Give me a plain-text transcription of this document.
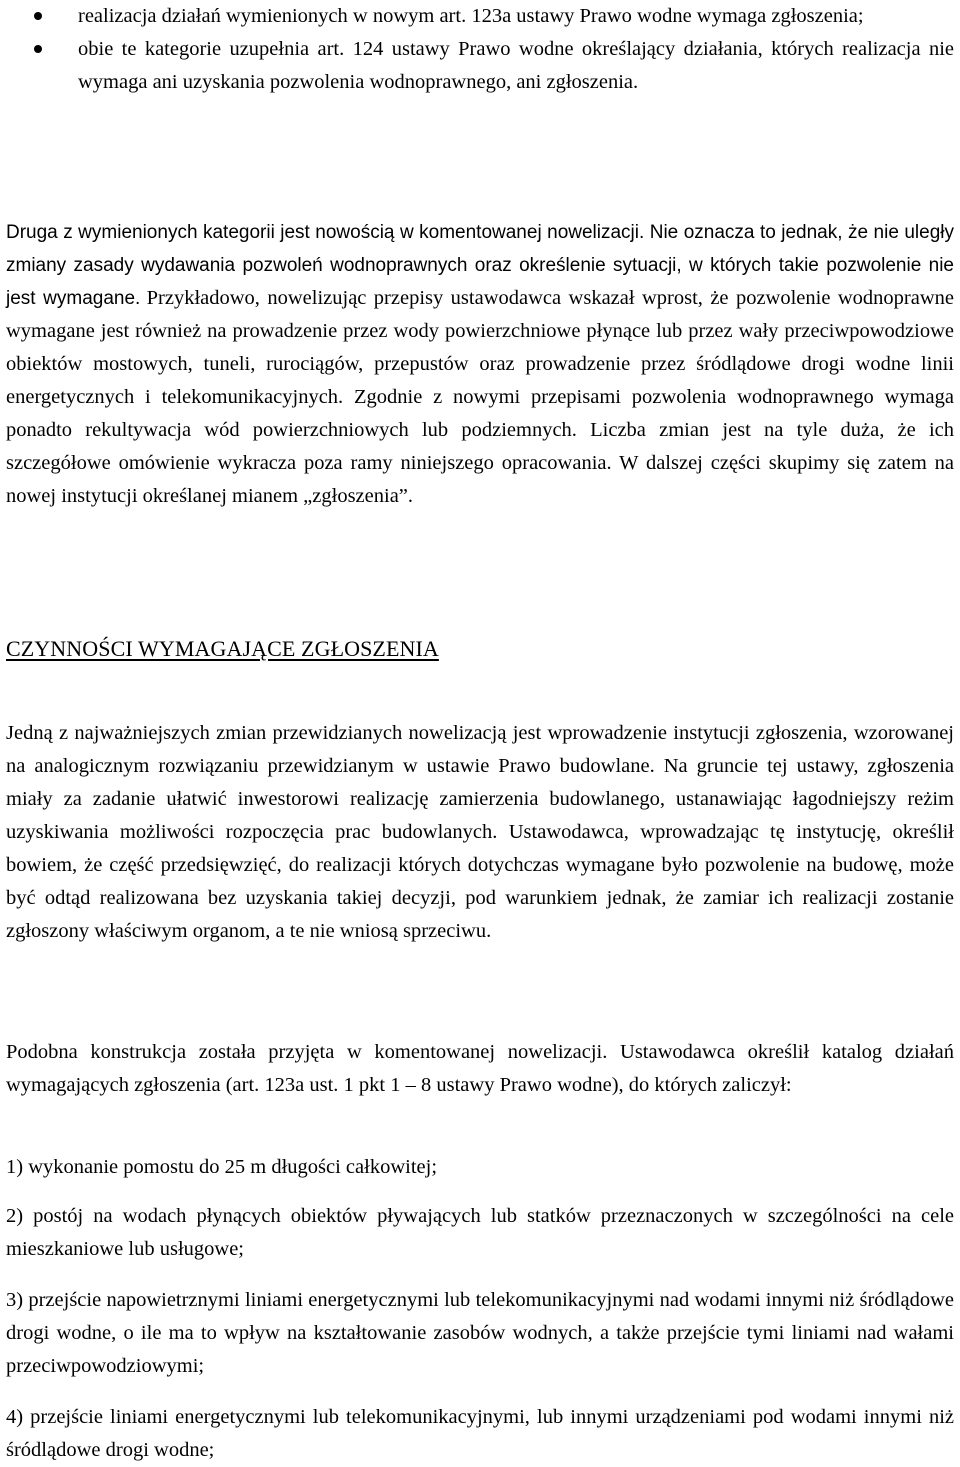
realizacja działań wymienionych w nowym art. 123a ustawy Prawo wodne wymaga zgłoszenia;
obie te kategorie uzupełnia art. 124 ustawy Prawo wodne określający działania, których realizacja nie wymaga ani uzyskania pozwolenia wodnoprawnego, ani zgłoszenia.

Druga z wymienionych kategorii jest nowością w komentowanej nowelizacji. Nie oznacza to jednak, że nie uległy zmiany zasady wydawania pozwoleń wodnoprawnych oraz określenie sytuacji, w których takie pozwolenie nie jest wymagane. Przykładowo, nowelizując przepisy ustawodawca wskazał wprost, że pozwolenie wodnoprawne wymagane jest również na prowadzenie przez wody powierzchniowe płynące lub przez wały przeciwpowodziowe obiektów mostowych, tuneli, rurociągów, przepustów oraz prowadzenie przez śródlądowe drogi wodne linii energetycznych i telekomunikacyjnych. Zgodnie z nowymi przepisami pozwolenia wodnoprawnego wymaga ponadto rekultywacja wód powierzchniowych lub podziemnych. Liczba zmian jest na tyle duża, że ich szczegółowe omówienie wykracza poza ramy niniejszego opracowania. W dalszej części skupimy się zatem na nowej instytucji określanej mianem „zgłoszenia”.

CZYNNOŚCI WYMAGAJĄCE ZGŁOSZENIA

Jedną z najważniejszych zmian przewidzianych nowelizacją jest wprowadzenie instytucji zgłoszenia, wzorowanej na analogicznym rozwiązaniu przewidzianym w ustawie Prawo budowlane. Na gruncie tej ustawy, zgłoszenia miały za zadanie ułatwić inwestorowi realizację zamierzenia budowlanego, ustanawiając łagodniejszy reżim uzyskiwania możliwości rozpoczęcia prac budowlanych. Ustawodawca, wprowadzając tę instytucję, określił bowiem, że część przedsięwzięć, do realizacji których dotychczas wymagane było pozwolenie na budowę, może być odtąd realizowana bez uzyskania takiej decyzji, pod warunkiem jednak, że zamiar ich realizacji zostanie zgłoszony właściwym organom, a te nie wniosą sprzeciwu.

Podobna konstrukcja została przyjęta w komentowanej nowelizacji. Ustawodawca określił katalog działań wymagających zgłoszenia (art. 123a ust. 1 pkt 1 – 8 ustawy Prawo wodne), do których zaliczył:

1) wykonanie pomostu do 25 m długości całkowitej;

2) postój na wodach płynących obiektów pływających lub statków przeznaczonych w szczególności na cele mieszkaniowe lub usługowe;

3) przejście napowietrznymi liniami energetycznymi lub telekomunikacyjnymi nad wodami innymi niż śródlądowe drogi wodne, o ile ma to wpływ na kształtowanie zasobów wodnych, a także przejście tymi liniami nad wałami przeciwpowodziowymi;

4) przejście liniami energetycznymi lub telekomunikacyjnymi, lub innymi urządzeniami pod wodami innymi niż śródlądowe drogi wodne;
